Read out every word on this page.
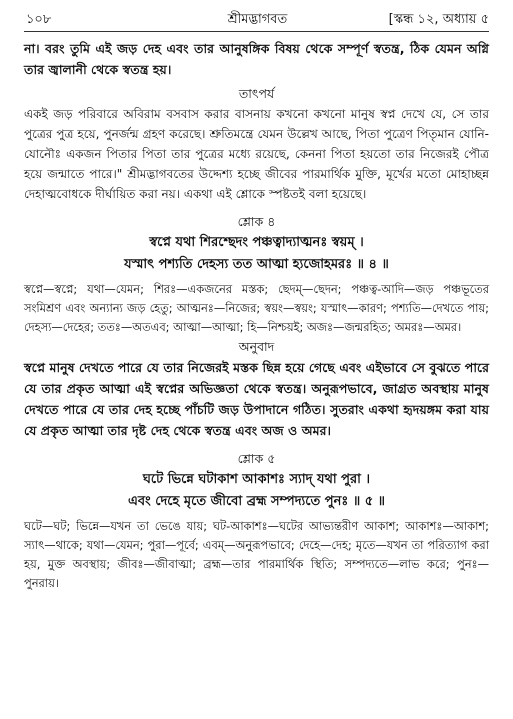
১০৮	শ্রীমদ্ভাগবত	[স্কন্ধ ১২, অধ্যায় ৫

না। বরং তুমি এই জড় দেহ এবং তার আনুষঙ্গিক বিষয় থেকে সম্পূর্ণ স্বতন্ত্র, ঠিক যেমন অগ্নি তার জ্বালানী থেকে স্বতন্ত্র হয়।

তাৎপর্য

একই জড় পরিবারে অবিরাম বসবাস করার বাসনায় কখনো কখনো মানুষ স্বপ্ন দেখে যে, সে তার পুত্রের পুত্র হয়ে, পুনর্জন্ম গ্রহণ করেছে। শ্রুতিমন্ত্রে যেমন উল্লেখ আছে, পিতা পুত্রেণ পিতৃমান যোনি-যোনৌঃ একজন পিতার পিতা তার পুত্রের মধ্যে রয়েছে, কেননা পিতা হয়তো তার নিজেরই পৌত্র হয়ে জন্মাতে পারে।" শ্রীমদ্ভাগবতের উদ্দেশ্য হচ্ছে জীবের পারমার্থিক মুক্তি, মূর্খের মতো মোহাচ্ছন্ন দেহাত্মবোধকে দীর্ঘায়িত করা নয়। একথা এই শ্লোকে স্পষ্টতই বলা হয়েছে।

শ্লোক ৪

স্বপ্নে যথা শিরশ্ছেদং পঞ্চত্বাদ্যাত্মনঃ স্বয়ম্ ।

যস্মাৎ পশ্যতি দেহস্য তত আত্মা হ্যজোহমরঃ ॥ ৪ ॥

স্বপ্নে—স্বপ্নে; যথা—যেমন; শিরঃ—একজনের মস্তক; ছেদম্—ছেদন; পঞ্চত্ব-আদি—জড় পঞ্চভূতের সংমিশ্রণ এবং অন্যান্য জড় হেতু; আত্মনঃ—নিজের; স্বয়ং—স্বয়ং; যস্মাৎ—কারণ; পশ্যতি—দেখতে পায়; দেহস্য—দেহের; ততঃ—অতএব; আত্মা—আত্মা; হি—নিশ্চয়ই; অজঃ—জন্মরহিত; অমরঃ—অমর।

অনুবাদ

স্বপ্নে মানুষ দেখতে পারে যে তার নিজেরই মস্তক ছিন্ন হয়ে গেছে এবং এইভাবে সে বুঝতে পারে যে তার প্রকৃত আত্মা এই স্বপ্নের অভিজ্ঞতা থেকে স্বতন্ত্র। অনুরূপভাবে, জাগ্রত অবস্থায় মানুষ দেখতে পারে যে তার দেহ হচ্ছে পাঁচটি জড় উপাদানে গঠিত। সুতরাং একথা হৃদয়ঙ্গম করা যায় যে প্রকৃত আত্মা তার দৃষ্ট দেহ থেকে স্বতন্ত্র এবং অজ ও অমর।

শ্লোক ৫

ঘটে ভিন্নে ঘটাকাশ আকাশঃ স্যাদ্ যথা পুরা ।

এবং দেহে মৃতে জীবো ব্রহ্ম সম্পদ্যতে পুনঃ ॥ ৫ ॥

ঘটে—ঘট; ভিন্নে—যখন তা ভেঙে যায়; ঘট-আকাশঃ—ঘটের আভ্যন্তরীণ আকাশ; আকাশঃ—আকাশ; স্যাৎ—থাকে; যথা—যেমন; পুরা—পূর্বে; এবম্—অনুরূপভাবে; দেহে—দেহ; মৃতে—যখন তা পরিত্যাগ করা হয়, মুক্ত অবস্থায়; জীবঃ—জীবাত্মা; ব্রহ্ম—তার পারমার্থিক স্থিতি; সম্পদ্যতে—লাভ করে; পুনঃ—পুনরায়।
